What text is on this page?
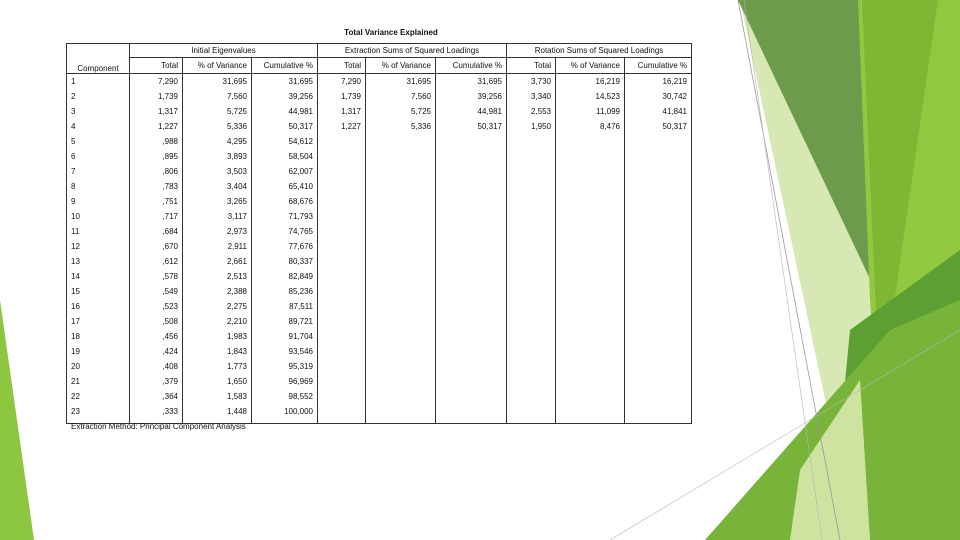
Total Variance Explained
Component	Initial Eigenvalues			Extraction Sums of Squared Loadings			Rotation Sums of Squared Loadings		
	Total	% of Variance	Cumulative %	Total	% of Variance	Cumulative %	Total	% of Variance	Cumulative %
1	7,290	31,695	31,695	7,290	31,695	31,695	3,730	16,219	16,219
2	1,739	7,560	39,256	1,739	7,560	39,256	3,340	14,523	30,742
3	1,317	5,725	44,981	1,317	5,725	44,981	2,553	11,099	41,841
4	1,227	5,336	50,317	1,227	5,336	50,317	1,950	8,476	50,317
5	,988	4,295	54,612						
6	,895	3,893	58,504						
7	,806	3,503	62,007						
8	,783	3,404	65,410						
9	,751	3,265	68,676						
10	,717	3,117	71,793						
11	,684	2,973	74,765						
12	,670	2,911	77,676						
13	,612	2,661	80,337						
14	,578	2,513	82,849						
15	,549	2,388	85,236						
16	,523	2,275	87,511						
17	,508	2,210	89,721						
18	,456	1,983	91,704						
19	,424	1,843	93,546						
20	,408	1,773	95,319						
21	,379	1,650	96,969						
22	,364	1,583	98,552						
23	,333	1,448	100,000						
Extraction Method: Principal Component Analysis
